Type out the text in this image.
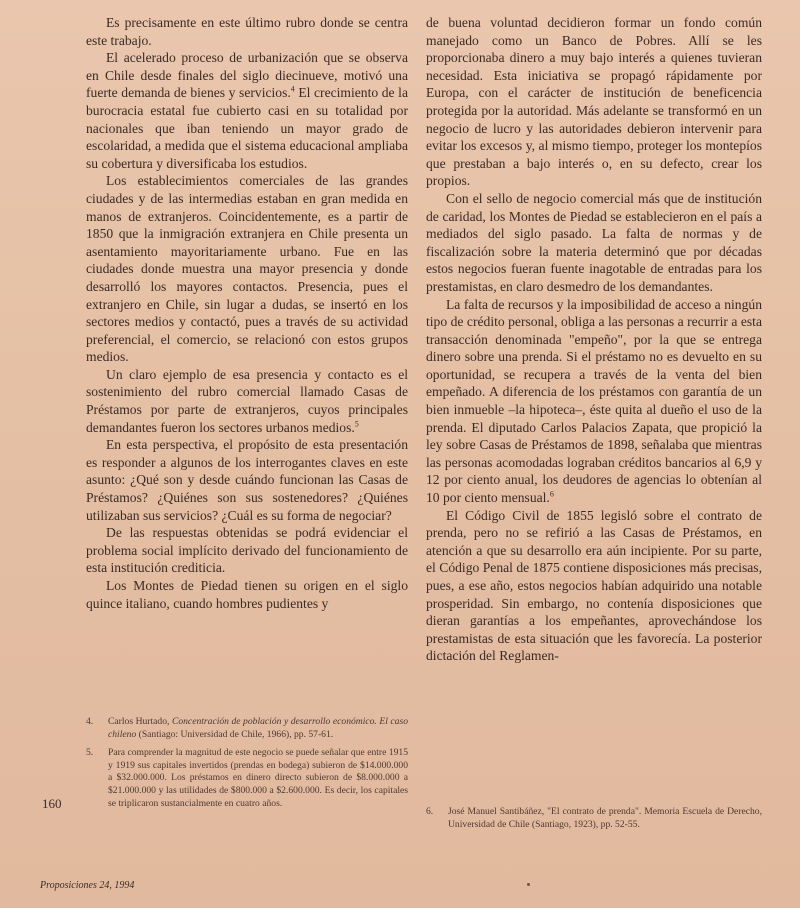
Es precisamente en este último rubro donde se centra este trabajo.

El acelerado proceso de urbanización que se observa en Chile desde finales del siglo diecinueve, motivó una fuerte demanda de bienes y servicios.$^4$ El crecimiento de la burocracia estatal fue cubierto casi en su totalidad por nacionales que iban teniendo un mayor grado de escolaridad, a medida que el sistema educacional ampliaba su cobertura y diversificaba los estudios.

Los establecimientos comerciales de las grandes ciudades y de las intermedias estaban en gran medida en manos de extranjeros. Coincidentemente, es a partir de 1850 que la inmigración extranjera en Chile presenta un asentamiento mayoritariamente urbano. Fue en las ciudades donde muestra una mayor presencia y donde desarrolló los mayores contactos. Presencia, pues el extranjero en Chile, sin lugar a dudas, se insertó en los sectores medios y contactó, pues a través de su actividad preferencial, el comercio, se relacionó con estos grupos medios.

Un claro ejemplo de esa presencia y contacto es el sostenimiento del rubro comercial llamado Casas de Préstamos por parte de extranjeros, cuyos principales demandantes fueron los sectores urbanos medios.$^5$

En esta perspectiva, el propósito de esta presentación es responder a algunos de los interrogantes claves en este asunto: ¿Qué son y desde cuándo funcionan las Casas de Préstamos? ¿Quiénes son sus sostenedores? ¿Quiénes utilizaban sus servicios? ¿Cuál es su forma de negociar?

De las respuestas obtenidas se podrá evidenciar el problema social implícito derivado del funcionamiento de esta institución crediticia.

Los Montes de Piedad tienen su origen en el siglo quince italiano, cuando hombres pudientes y

de buena voluntad decidieron formar un fondo común manejado como un Banco de Pobres. Allí se les proporcionaba dinero a muy bajo interés a quienes tuvieran necesidad. Esta iniciativa se propagó rápidamente por Europa, con el carácter de institución de beneficencia protegida por la autoridad. Más adelante se transformó en un negocio de lucro y las autoridades debieron intervenir para evitar los excesos y, al mismo tiempo, proteger los montepíos que prestaban a bajo interés o, en su defecto, crear los propios.

Con el sello de negocio comercial más que de institución de caridad, los Montes de Piedad se establecieron en el país a mediados del siglo pasado. La falta de normas y de fiscalización sobre la materia determinó que por décadas estos negocios fueran fuente inagotable de entradas para los prestamistas, en claro desmedro de los demandantes.

La falta de recursos y la imposibilidad de acceso a ningún tipo de crédito personal, obliga a las personas a recurrir a esta transacción denominada "empeño", por la que se entrega dinero sobre una prenda. Si el préstamo no es devuelto en su oportunidad, se recupera a través de la venta del bien empeñado. A diferencia de los préstamos con garantía de un bien inmueble –la hipoteca–, éste quita al dueño el uso de la prenda. El diputado Carlos Palacios Zapata, que propició la ley sobre Casas de Préstamos de 1898, señalaba que mientras las personas acomodadas lograban créditos bancarios al 6,9 y 12 por ciento anual, los deudores de agencias lo obtenían al 10 por ciento mensual.$^6$

El Código Civil de 1855 legisló sobre el contrato de prenda, pero no se refirió a las Casas de Préstamos, en atención a que su desarrollo era aún incipiente. Por su parte, el Código Penal de 1875 contiene disposiciones más precisas, pues, a ese año, estos negocios habían adquirido una notable prosperidad. Sin embargo, no contenía disposiciones que dieran garantías a los empeñantes, aprovechándose los prestamistas de esta situación que les favorecía. La posterior dictación del Reglamen-

4. Carlos Hurtado, Concentración de población y desarrollo económico. El caso chileno (Santiago: Universidad de Chile, 1966), pp. 57-61.
5. Para comprender la magnitud de este negocio se puede señalar que entre 1915 y 1919 sus capitales invertidos (prendas en bodega) subieron de $14.000.000 a $32.000.000. Los préstamos en dinero directo subieron de $8.000.000 a $21.000.000 y las utilidades de $800.000 a $2.600.000. Es decir, los capitales se triplicaron sustancialmente en cuatro años.
6. José Manuel Santibáñez, "El contrato de prenda". Memoria Escuela de Derecho, Universidad de Chile (Santiago, 1923), pp. 52-55.
160
Proposiciones 24, 1994
